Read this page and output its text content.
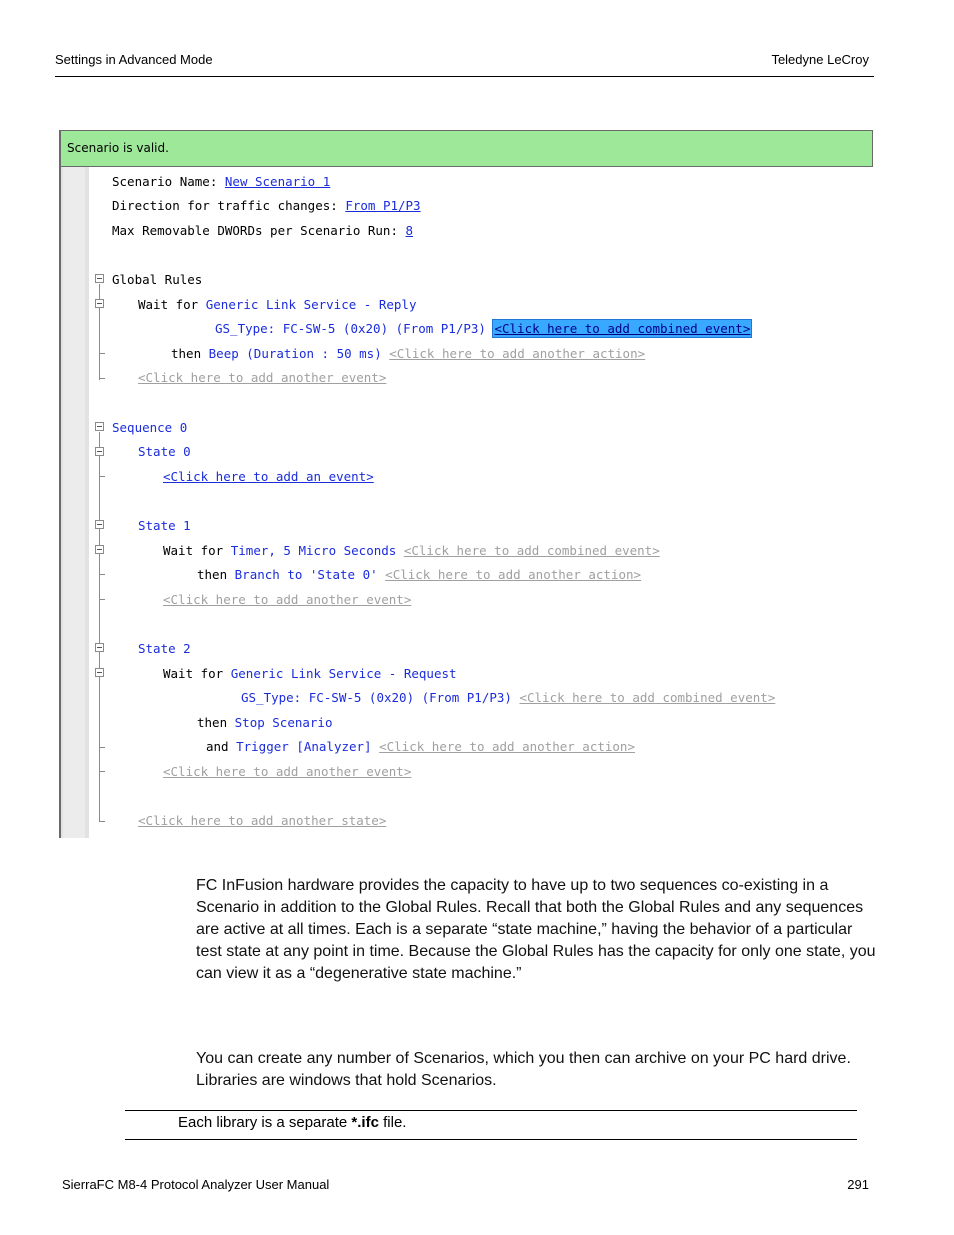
Settings in Advanced Mode	Teledyne LeCroy
Scenario is valid.
Scenario Name: New Scenario 1
Direction for traffic changes: From P1/P3
Max Removable DWORDs per Scenario Run: 8
Global Rules
Wait for Generic Link Service - Reply
GS_Type: FC-SW-5 (0x20) (From P1/P3) <Click here to add combined event>
then Beep (Duration : 50 ms) <Click here to add another action>
<Click here to add another event>
Sequence 0
State 0
<Click here to add an event>
State 1
Wait for Timer, 5 Micro Seconds <Click here to add combined event>
then Branch to 'State 0' <Click here to add another action>
<Click here to add another event>
State 2
Wait for Generic Link Service - Request
GS_Type: FC-SW-5 (0x20) (From P1/P3) <Click here to add combined event>
then Stop Scenario
and Trigger [Analyzer] <Click here to add another action>
<Click here to add another event>
<Click here to add another state>
FC InFusion hardware provides the capacity to have up to two sequences co-existing in a Scenario in addition to the Global Rules. Recall that both the Global Rules and any sequences are active at all times. Each is a separate “state machine,” having the behavior of a particular test state at any point in time. Because the Global Rules has the capacity for only one state, you can view it as a “degenerative state machine.”
You can create any number of Scenarios, which you then can archive on your PC hard drive. Libraries are windows that hold Scenarios.
Each library is a separate *.ifc file.
SierraFC M8-4 Protocol Analyzer User Manual	291
